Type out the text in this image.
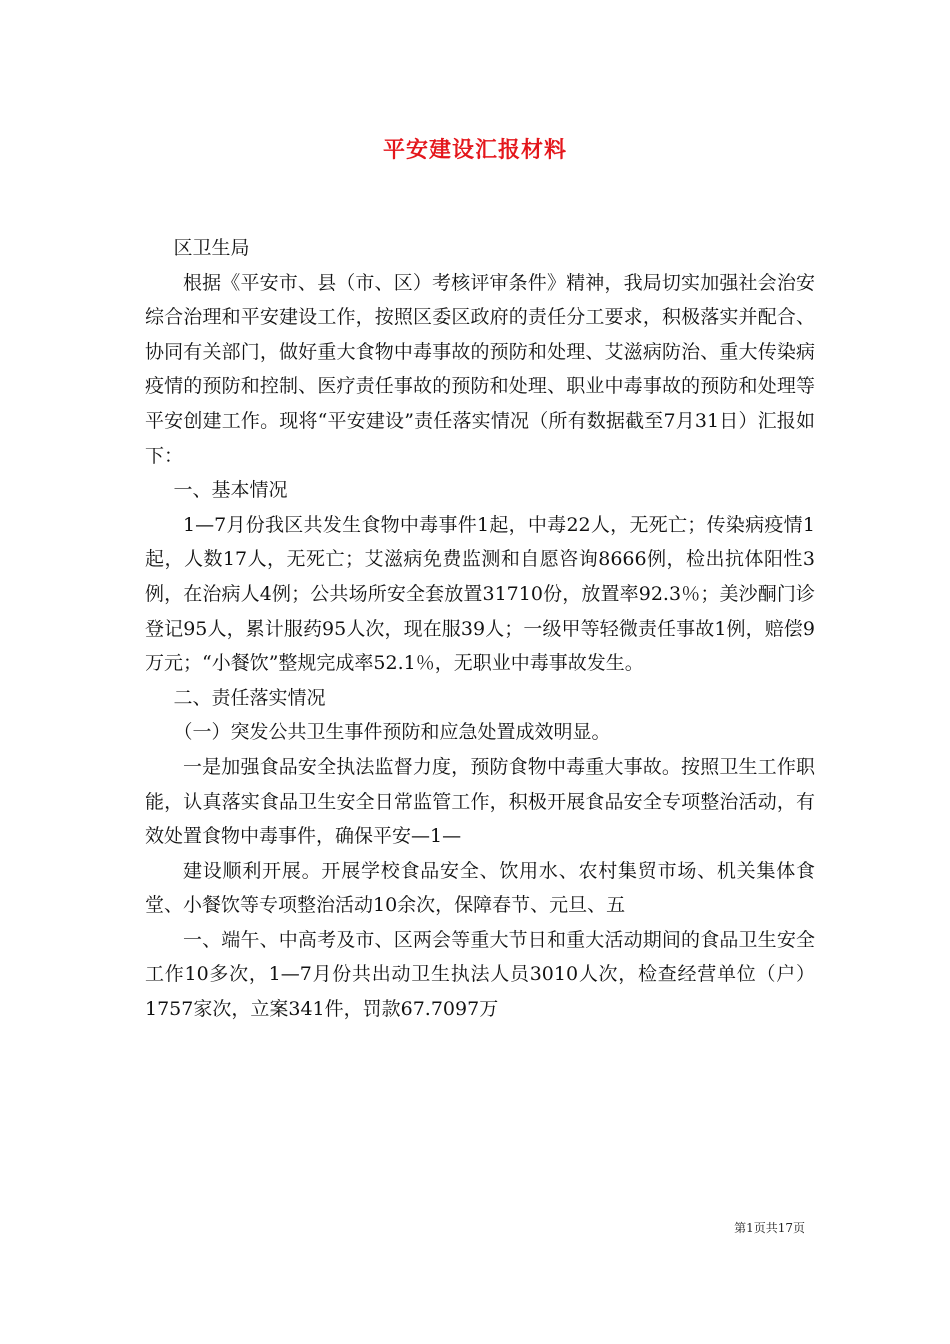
平安建设汇报材料

区卫生局

根据《平安市、县（市、区）考核评审条件》精神，我局切实加强社会治安综合治理和平安建设工作，按照区委区政府的责任分工要求，积极落实并配合、协同有关部门，做好重大食物中毒事故的预防和处理、艾滋病防治、重大传染病疫情的预防和控制、医疗责任事故的预防和处理、职业中毒事故的预防和处理等平安创建工作。现将“平安建设”责任落实情况（所有数据截至7月31日）汇报如下：

一、基本情况

1—7月份我区共发生食物中毒事件1起，中毒22人，无死亡；传染病疫情1起，人数17人，无死亡；艾滋病免费监测和自愿咨询8666例，检出抗体阳性3例，在治病人4例；公共场所安全套放置31710份，放置率92.3％；美沙酮门诊登记95人，累计服药95人次，现在服39人；一级甲等轻微责任事故1例，赔偿9万元；“小餐饮”整规完成率52.1％，无职业中毒事故发生。

二、责任落实情况

（一）突发公共卫生事件预防和应急处置成效明显。

一是加强食品安全执法监督力度，预防食物中毒重大事故。按照卫生工作职能，认真落实食品卫生安全日常监管工作，积极开展食品安全专项整治活动，有效处置食物中毒事件，确保平安—1—

建设顺利开展。开展学校食品安全、饮用水、农村集贸市场、机关集体食堂、小餐饮等专项整治活动10余次，保障春节、元旦、五

一、端午、中高考及市、区两会等重大节日和重大活动期间的食品卫生安全工作10多次，1—7月份共出动卫生执法人员3010人次，检查经营单位（户）1757家次，立案341件，罚款67.7097万

第1页共17页
